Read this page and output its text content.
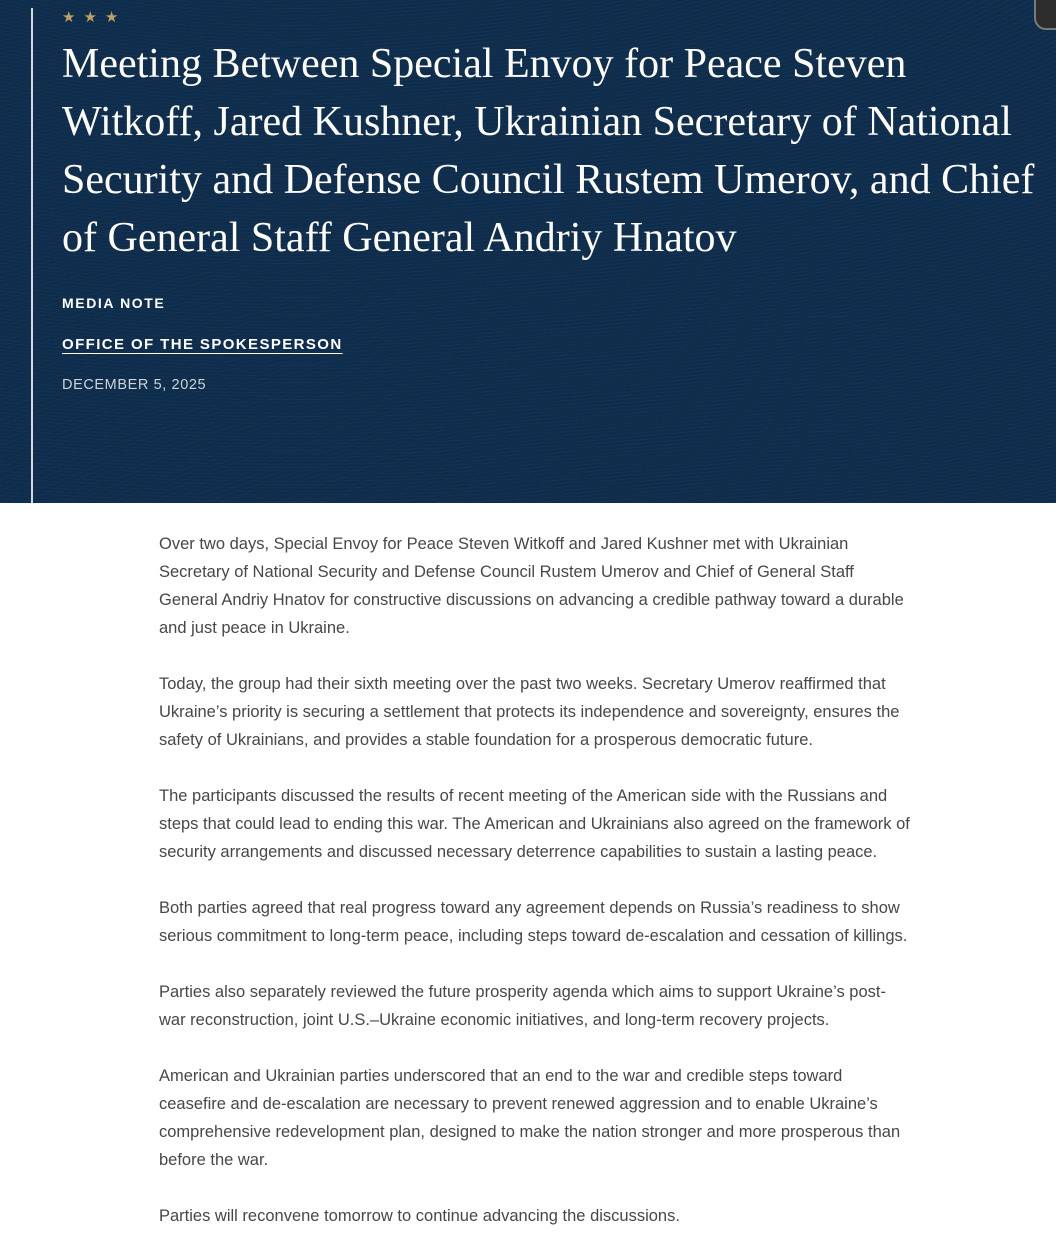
★★★
Meeting Between Special Envoy for Peace Steven Witkoff, Jared Kushner, Ukrainian Secretary of National Security and Defense Council Rustem Umerov, and Chief of General Staff General Andriy Hnatov
MEDIA NOTE
OFFICE OF THE SPOKESPERSON
DECEMBER 5, 2025

Over two days, Special Envoy for Peace Steven Witkoff and Jared Kushner met with Ukrainian Secretary of National Security and Defense Council Rustem Umerov and Chief of General Staff General Andriy Hnatov for constructive discussions on advancing a credible pathway toward a durable and just peace in Ukraine.

Today, the group had their sixth meeting over the past two weeks. Secretary Umerov reaffirmed that Ukraine’s priority is securing a settlement that protects its independence and sovereignty, ensures the safety of Ukrainians, and provides a stable foundation for a prosperous democratic future.

The participants discussed the results of recent meeting of the American side with the Russians and steps that could lead to ending this war. The American and Ukrainians also agreed on the framework of security arrangements and discussed necessary deterrence capabilities to sustain a lasting peace.

Both parties agreed that real progress toward any agreement depends on Russia’s readiness to show serious commitment to long-term peace, including steps toward de-escalation and cessation of killings.

Parties also separately reviewed the future prosperity agenda which aims to support Ukraine’s post-war reconstruction, joint U.S.–Ukraine economic initiatives, and long-term recovery projects.

American and Ukrainian parties underscored that an end to the war and credible steps toward ceasefire and de-escalation are necessary to prevent renewed aggression and to enable Ukraine’s comprehensive redevelopment plan, designed to make the nation stronger and more prosperous than before the war.

Parties will reconvene tomorrow to continue advancing the discussions.
